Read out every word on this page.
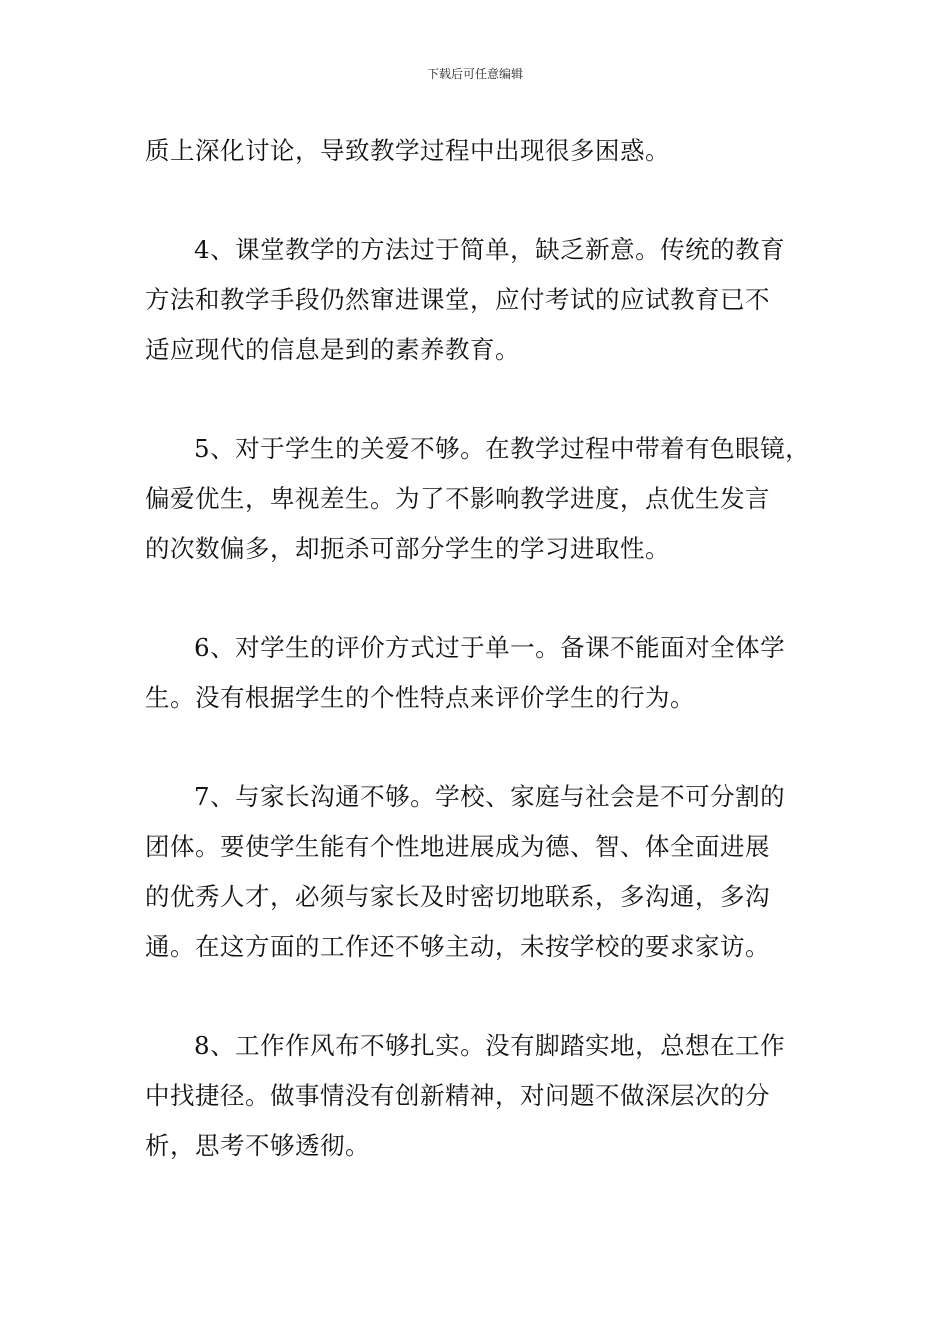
下载后可任意编辑
质上深化讨论，导致教学过程中出现很多困惑。
4、课堂教学的方法过于简单，缺乏新意。传统的教育
方法和教学手段仍然窜进课堂，应付考试的应试教育已不
适应现代的信息是到的素养教育。
5、对于学生的关爱不够。在教学过程中带着有色眼镜，
偏爱优生，卑视差生。为了不影响教学进度，点优生发言
的次数偏多，却扼杀可部分学生的学习进取性。
6、对学生的评价方式过于单一。备课不能面对全体学
生。没有根据学生的个性特点来评价学生的行为。
7、与家长沟通不够。学校、家庭与社会是不可分割的
团体。要使学生能有个性地进展成为德、智、体全面进展
的优秀人才，必须与家长及时密切地联系，多沟通，多沟
通。在这方面的工作还不够主动，未按学校的要求家访。
8、工作作风布不够扎实。没有脚踏实地，总想在工作
中找捷径。做事情没有创新精神，对问题不做深层次的分
析，思考不够透彻。
